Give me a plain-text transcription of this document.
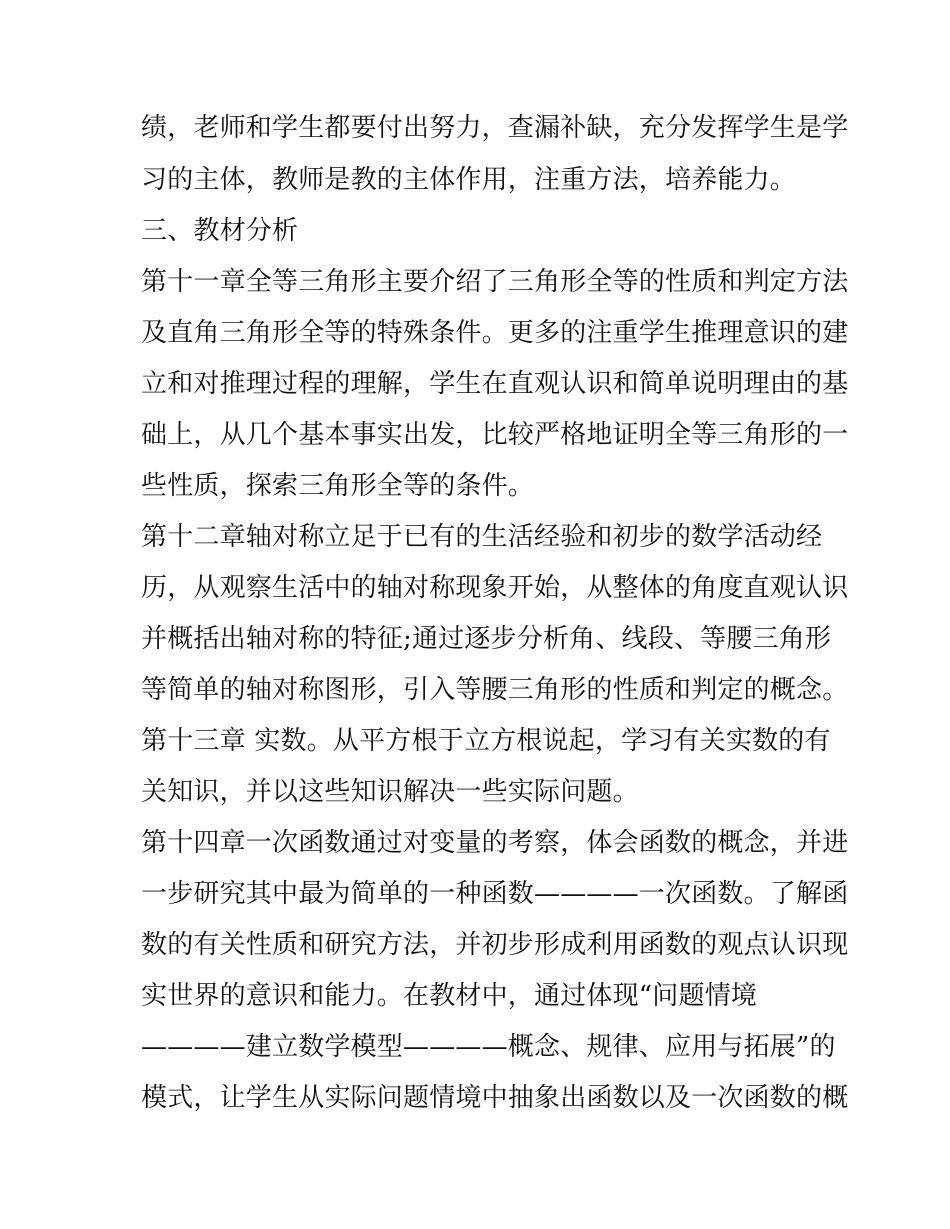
绩，老师和学生都要付出努力，查漏补缺，充分发挥学生是学
习的主体，教师是教的主体作用，注重方法，培养能力。
三、教材分析
第十一章全等三角形主要介绍了三角形全等的性质和判定方法
及直角三角形全等的特殊条件。更多的注重学生推理意识的建
立和对推理过程的理解，学生在直观认识和简单说明理由的基
础上，从几个基本事实出发，比较严格地证明全等三角形的一
些性质，探索三角形全等的条件。
第十二章轴对称立足于已有的生活经验和初步的数学活动经
历，从观察生活中的轴对称现象开始，从整体的角度直观认识
并概括出轴对称的特征;通过逐步分析角、线段、等腰三角形
等简单的轴对称图形，引入等腰三角形的性质和判定的概念。
第十三章 实数。从平方根于立方根说起，学习有关实数的有
关知识，并以这些知识解决一些实际问题。
第十四章一次函数通过对变量的考察，体会函数的概念，并进
一步研究其中最为简单的一种函数————一次函数。了解函
数的有关性质和研究方法，并初步形成利用函数的观点认识现
实世界的意识和能力。在教材中，通过体现“问题情境
————建立数学模型————概念、规律、应用与拓展”的
模式，让学生从实际问题情境中抽象出函数以及一次函数的概
